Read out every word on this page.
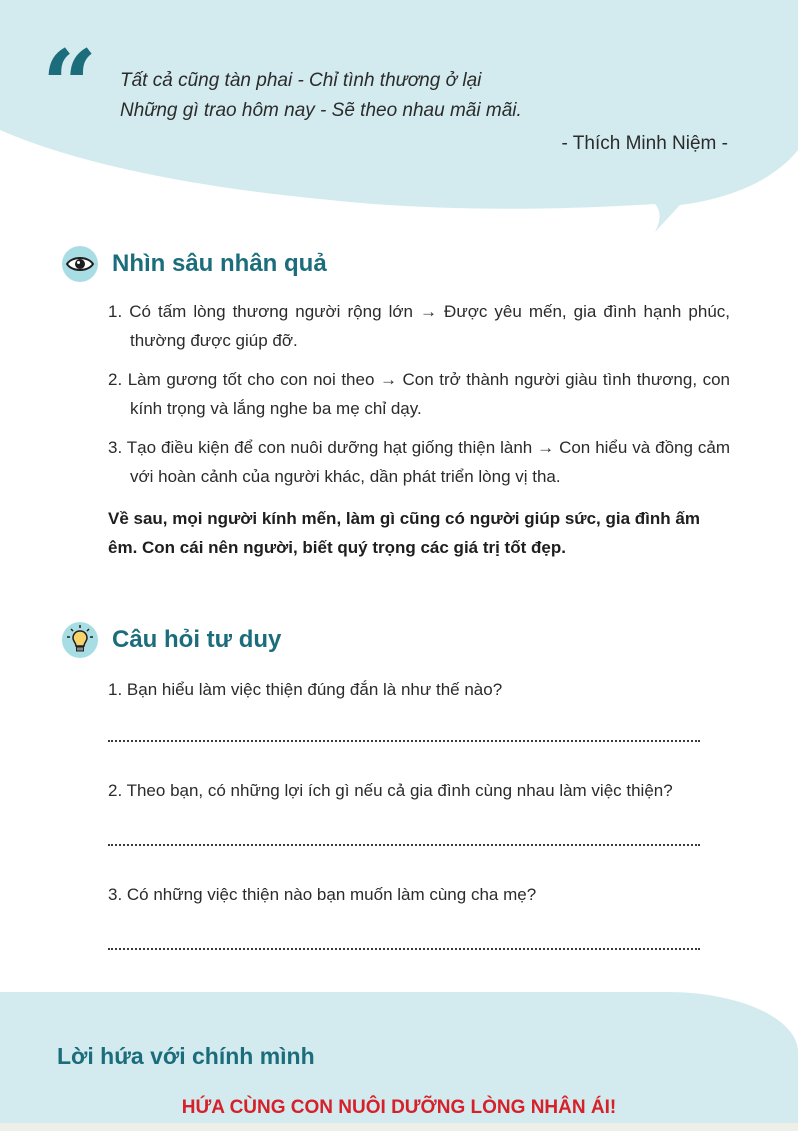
“ Tất cả cũng tàn phai - Chỉ tình thương ở lại
Những gì trao hôm nay - Sẽ theo nhau mãi mãi.
- Thích Minh Niệm -
Nhìn sâu nhân quả
1. Có tấm lòng thương người rộng lớn → Được yêu mến, gia đình hạnh phúc, thường được giúp đỡ.
2. Làm gương tốt cho con noi theo → Con trở thành người giàu tình thương, con kính trọng và lắng nghe ba mẹ chỉ dạy.
3. Tạo điều kiện để con nuôi dưỡng hạt giống thiện lành → Con hiểu và đồng cảm với hoàn cảnh của người khác, dần phát triển lòng vị tha.
Về sau, mọi người kính mến, làm gì cũng có người giúp sức, gia đình ấm êm. Con cái nên người, biết quý trọng các giá trị tốt đẹp.
Câu hỏi tư duy
1. Bạn hiểu làm việc thiện đúng đắn là như thế nào?
2. Theo bạn, có những lợi ích gì nếu cả gia đình cùng nhau làm việc thiện?
3. Có những việc thiện nào bạn muốn làm cùng cha mẹ?
Lời hứa với chính mình
HỨA CÙNG CON NUÔI DƯỠNG LÒNG NHÂN ÁI!
